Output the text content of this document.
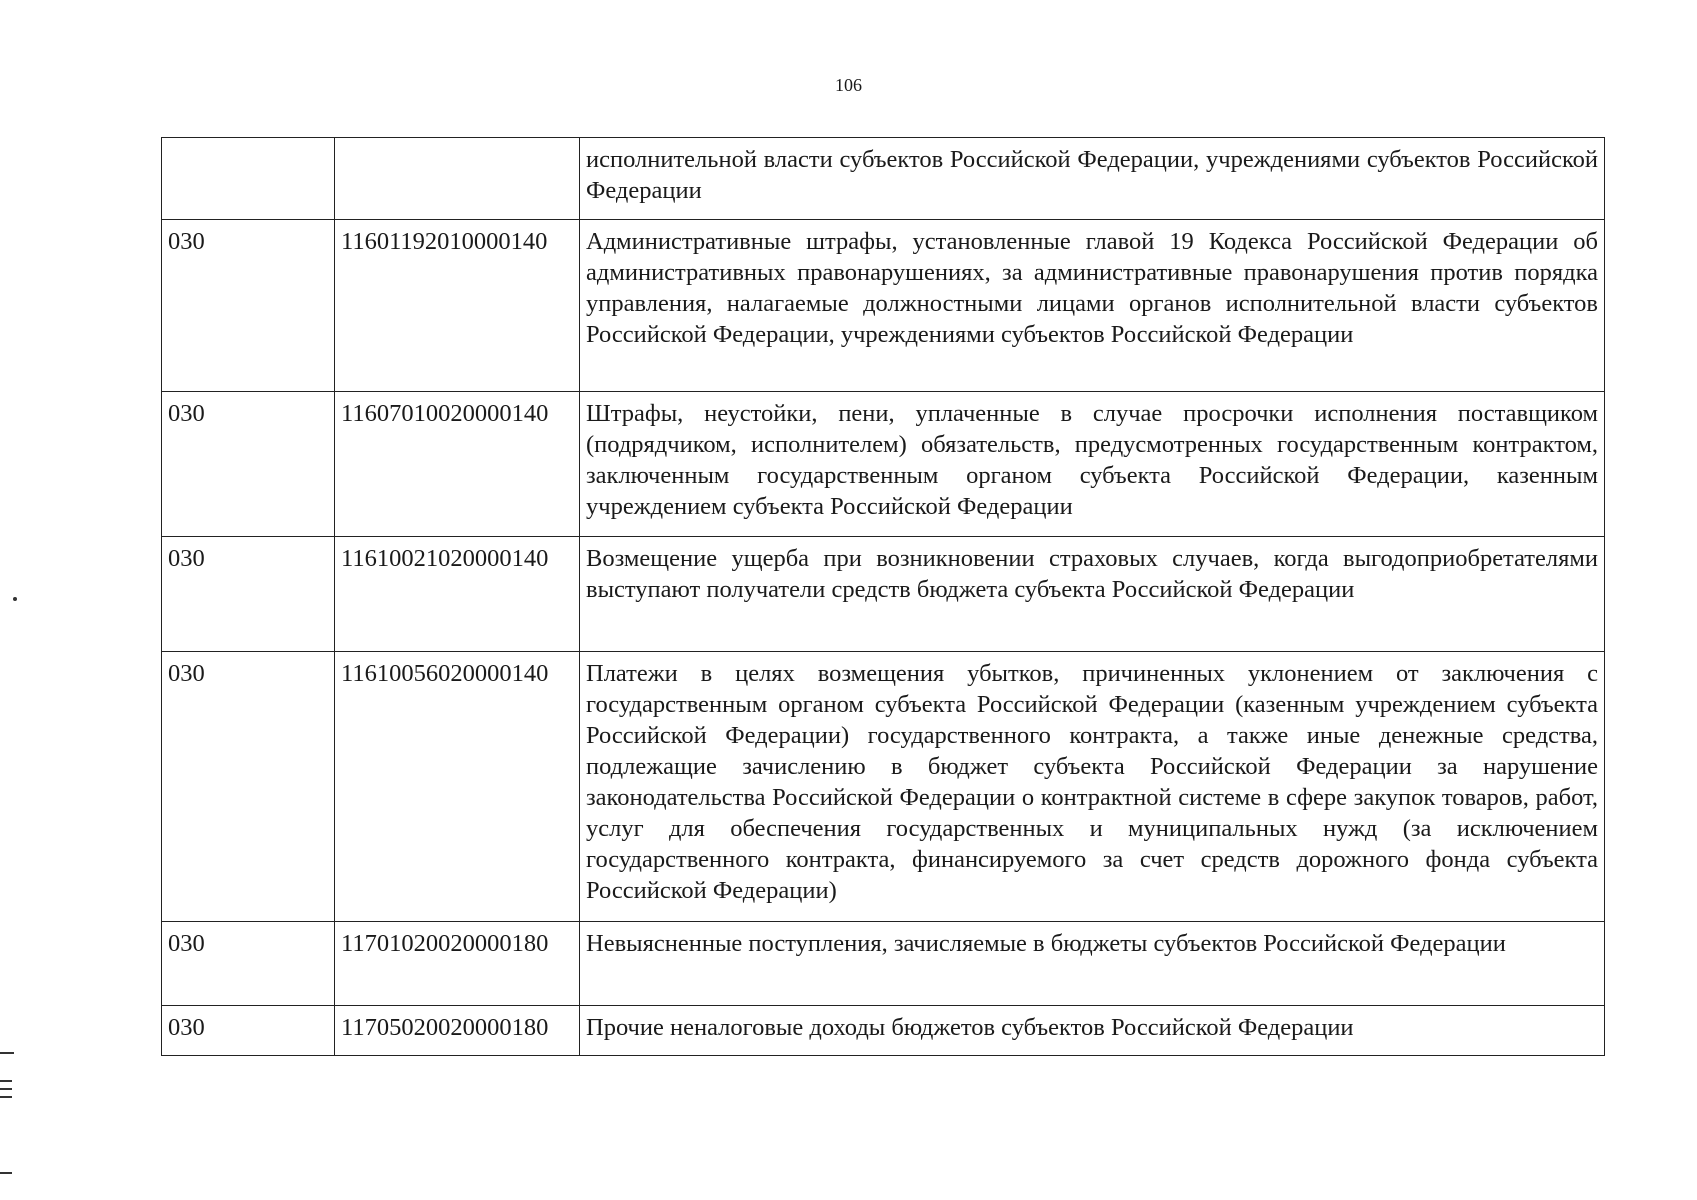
106
		исполнительной власти субъектов Российской Федерации, учреждениями субъектов Российской Федерации
030	11601192010000140	Административные штрафы, установленные главой 19 Кодекса Российской Федерации об административных правонарушениях, за административные правонарушения против порядка управления, налагаемые должностными лицами органов исполнительной власти субъектов Российской Федерации, учреждениями субъектов Российской Федерации
030	11607010020000140	Штрафы, неустойки, пени, уплаченные в случае просрочки исполнения поставщиком (подрядчиком, исполнителем) обязательств, предусмотренных государственным контрактом, заключенным государственным органом субъекта Российской Федерации, казенным учреждением субъекта Российской Федерации
030	11610021020000140	Возмещение ущерба при возникновении страховых случаев, когда выгодоприобретателями выступают получатели средств бюджета субъекта Российской Федерации
030	11610056020000140	Платежи в целях возмещения убытков, причиненных уклонением от заключения с государственным органом субъекта Российской Федерации (казенным учреждением субъекта Российской Федерации) государственного контракта, а также иные денежные средства, подлежащие зачислению в бюджет субъекта Российской Федерации за нарушение законодательства Российской Федерации о контрактной системе в сфере закупок товаров, работ, услуг для обеспечения государственных и муниципальных нужд (за исключением государственного контракта, финансируемого за счет средств дорожного фонда субъекта Российской Федерации)
030	11701020020000180	Невыясненные поступления, зачисляемые в бюджеты субъектов Российской Федерации
030	11705020020000180	Прочие неналоговые доходы бюджетов субъектов Российской Федерации
